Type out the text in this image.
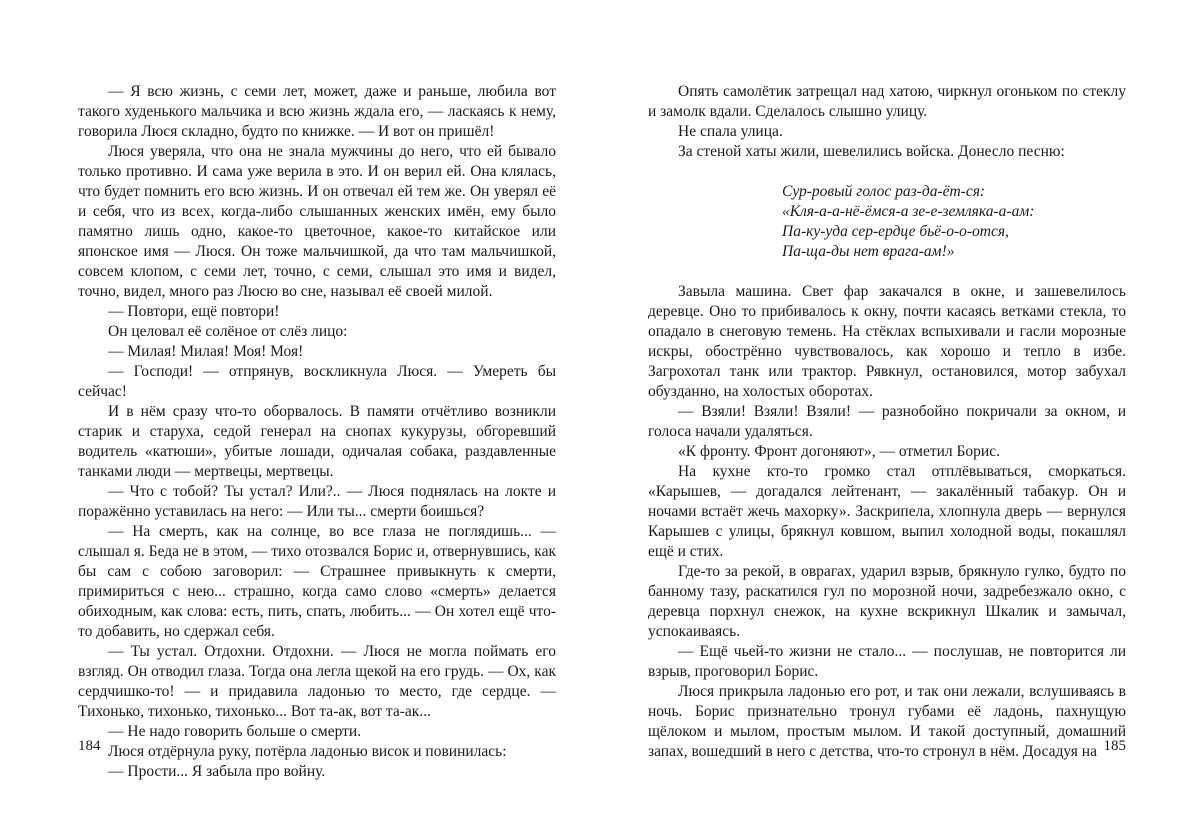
— Я всю жизнь, с семи лет, может, даже и раньше, любила вот такого худенького мальчика и всю жизнь ждала его, — ласкаясь к нему, говорила Люся складно, будто по книжке. — И вот он пришёл!

Люся уверяла, что она не знала мужчины до него, что ей бывало только противно. И сама уже верила в это. И он верил ей. Она клялась, что будет помнить его всю жизнь. И он отвечал ей тем же. Он уверял её и себя, что из всех, когда-либо слышанных женских имён, ему было памятно лишь одно, какое-то цветочное, какое-то китайское или японское имя — Люся. Он тоже мальчишкой, да что там мальчишкой, совсем клопом, с семи лет, точно, с семи, слышал это имя и видел, точно, видел, много раз Люсю во сне, называл её своей милой.

— Повтори, ещё повтори!

Он целовал её солёное от слёз лицо:

— Милая! Милая! Моя! Моя!

— Господи! — отпрянув, воскликнула Люся. — Умереть бы сейчас!

И в нём сразу что-то оборвалось. В памяти отчётливо возникли старик и старуха, седой генерал на снопах кукурузы, обгоревший водитель «катюши», убитые лошади, одичалая собака, раздавленные танками люди — мертвецы, мертвецы.

— Что с тобой? Ты устал? Или?.. — Люся поднялась на локте и поражённо уставилась на него: — Или ты... смерти боишься?

— На смерть, как на солнце, во все глаза не поглядишь... — слышал я. Беда не в этом, — тихо отозвался Борис и, отвернувшись, как бы сам с собою заговорил: — Страшнее привыкнуть к смерти, примириться с нею... страшно, когда само слово «смерть» делается обиходным, как слова: есть, пить, спать, любить... — Он хотел ещё что-то добавить, но сдержал себя.

— Ты устал. Отдохни. Отдохни. — Люся не могла поймать его взгляд. Он отводил глаза. Тогда она легла щекой на его грудь. — Ох, как сердчишко-то! — и придавила ладонью то место, где сердце. — Тихонько, тихонько, тихонько... Вот та-ак, вот та-ак...

— Не надо говорить больше о смерти.

Люся отдёрнула руку, потёрла ладонью висок и повинилась:

— Прости... Я забыла про войну.

184

Опять самолётик затрещал над хатою, чиркнул огоньком по стеклу и замолк вдали. Сделалось слышно улицу.

Не спала улица.

За стеной хаты жили, шевелились войска. Донесло песню:

Сур-ровый голос раз-да-ёт-ся:
«Кля-а-а-нё-ёмся-а зе-е-земляка-а-ам:
Па-ку-уда сер-ердце бьё-о-о-отся,
Па-ща-ды нет врага-ам!»

Завыла машина. Свет фар закачался в окне, и зашевелилось деревце. Оно то прибивалось к окну, почти касаясь ветками стекла, то опадало в снеговую темень. На стёклах вспыхивали и гасли морозные искры, обострённо чувствовалось, как хорошо и тепло в избе. Загрохотал танк или трактор. Рявкнул, остановился, мотор забухал обузданно, на холостых оборотах.

— Взяли! Взяли! Взяли! — разнобойно покричали за окном, и голоса начали удаляться.

«К фронту. Фронт догоняют», — отметил Борис.

На кухне кто-то громко стал отплёвываться, сморкаться. «Карышев, — догадался лейтенант, — закалённый табакур. Он и ночами встаёт жечь махорку». Заскрипела, хлопнула дверь — вернулся Карышев с улицы, брякнул ковшом, выпил холодной воды, покашлял ещё и стих.

Где-то за рекой, в оврагах, ударил взрыв, брякнуло гулко, будто по банному тазу, раскатился гул по морозной ночи, задребезжало окно, с деревца порхнул снежок, на кухне вскрикнул Шкалик и замычал, успокаиваясь.

— Ещё чьей-то жизни не стало... — послушав, не повторится ли взрыв, проговорил Борис.

Люся прикрыла ладонью его рот, и так они лежали, вслушиваясь в ночь. Борис признательно тронул губами её ладонь, пахнущую щёлоком и мылом, простым мылом. И такой доступный, домашний запах, вошедший в него с детства, что-то стронул в нём. Досадуя на 185
